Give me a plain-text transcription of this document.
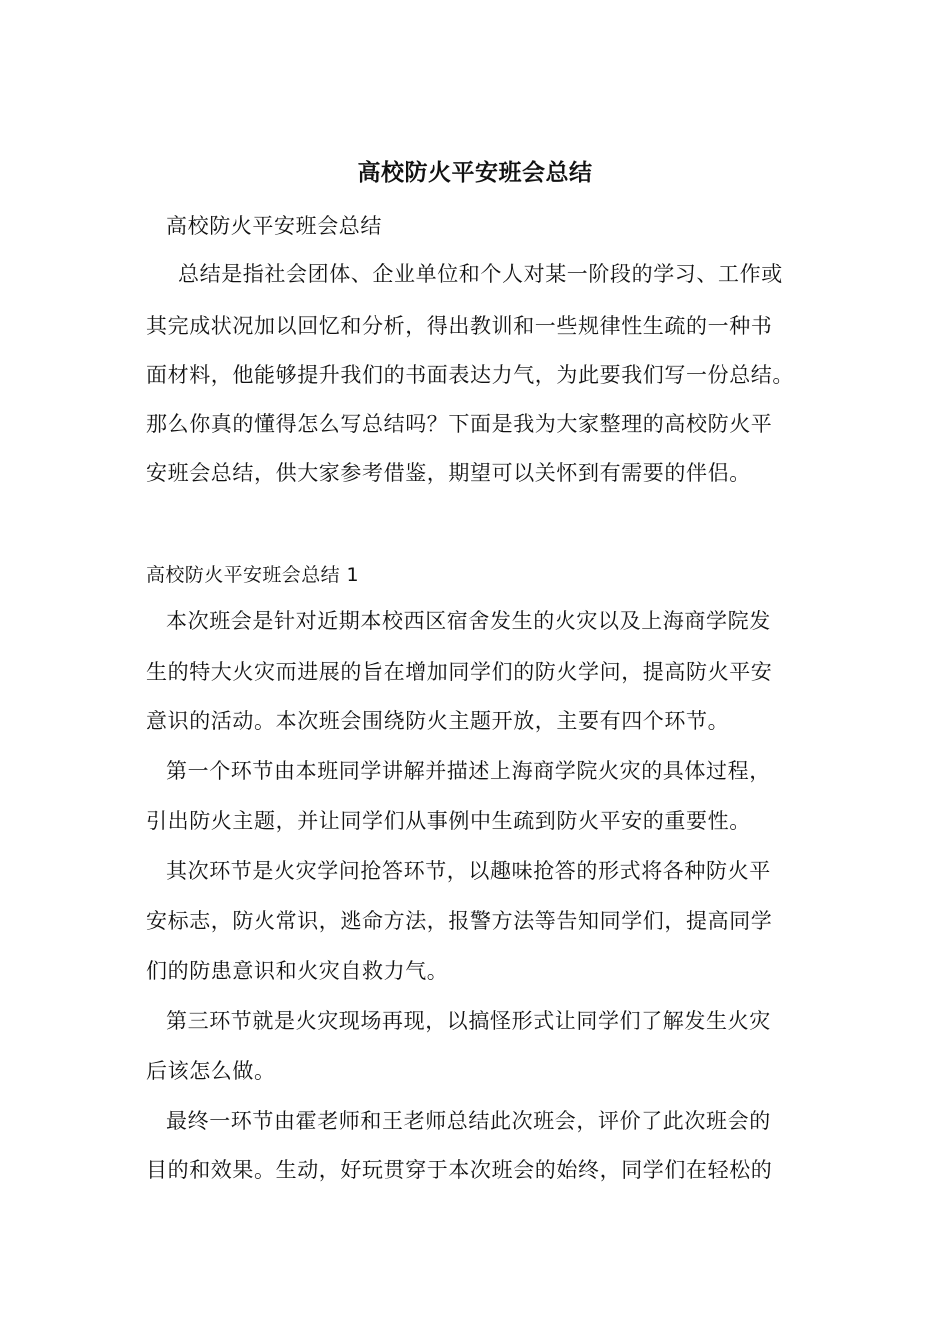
高校防火平安班会总结
高校防火平安班会总结
总结是指社会团体、企业单位和个人对某一阶段的学习、工作或
其完成状况加以回忆和分析，得出教训和一些规律性生疏的一种书
面材料，他能够提升我们的书面表达力气，为此要我们写一份总结。
那么你真的懂得怎么写总结吗？下面是我为大家整理的高校防火平
安班会总结，供大家参考借鉴，期望可以关怀到有需要的伴侣。
高校防火平安班会总结 1
本次班会是针对近期本校西区宿舍发生的火灾以及上海商学院发
生的特大火灾而进展的旨在增加同学们的防火学问，提高防火平安
意识的活动。本次班会围绕防火主题开放，主要有四个环节。
第一个环节由本班同学讲解并描述上海商学院火灾的具体过程，
引出防火主题，并让同学们从事例中生疏到防火平安的重要性。
其次环节是火灾学问抢答环节，以趣味抢答的形式将各种防火平
安标志，防火常识，逃命方法，报警方法等告知同学们，提高同学
们的防患意识和火灾自救力气。
第三环节就是火灾现场再现，以搞怪形式让同学们了解发生火灾
后该怎么做。
最终一环节由霍老师和王老师总结此次班会，评价了此次班会的
目的和效果。生动，好玩贯穿于本次班会的始终，同学们在轻松的
